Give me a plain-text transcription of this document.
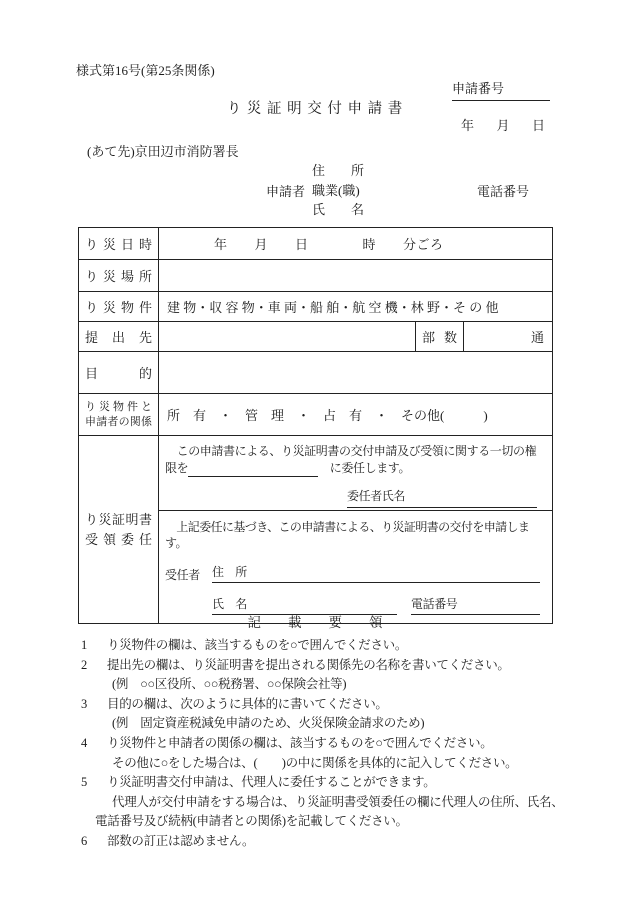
様式第16号(第25条関係)
申請番号
り 災 証 明 交 付 申 請 書
年 月 日
(あて先)京田辺市消防署長
申請者
住所
職業(職)
氏名
電話番号
り災日時	年　　月　　日　　　　時　　分ごろ		

り災場所			

り災物件	建 物・収 容 物・車 両・船 舶・航 空 機・林 野・そ の 他		

提出先		部数	通

目的			

り災物件と
申請者の関係	所　有　・　管　理　・　占　有　・　その他(　　　)		

り災証明書
受領委任

　この申請書による、り災証明書の交付申請及び受領に関する一切の権
限を	　に委任します。
委任者氏名
　上記委任に基づき、この申請書による、り災証明書の交付を申請します。
受任者	住　所
氏　名	電話番号
記　　載　　要　　領
1	り災物件の欄は、該当するものを○で囲んでください。
2	提出先の欄は、り災証明書を提出される関係先の名称を書いてください。
(例　○○区役所、○○税務署、○○保険会社等)
3	目的の欄は、次のように具体的に書いてください。
(例　固定資産税減免申請のため、火災保険金請求のため)
4	り災物件と申請者の関係の欄は、該当するものを○で囲んでください。
その他に○をした場合は、(　　)の中に関係を具体的に記入してください。
5	り災証明書交付申請は、代理人に委任することができます。
代理人が交付申請をする場合は、り災証明書受領委任の欄に代理人の住所、氏名、
電話番号及び続柄(申請者との関係)を記載してください。
6	部数の訂正は認めません。
